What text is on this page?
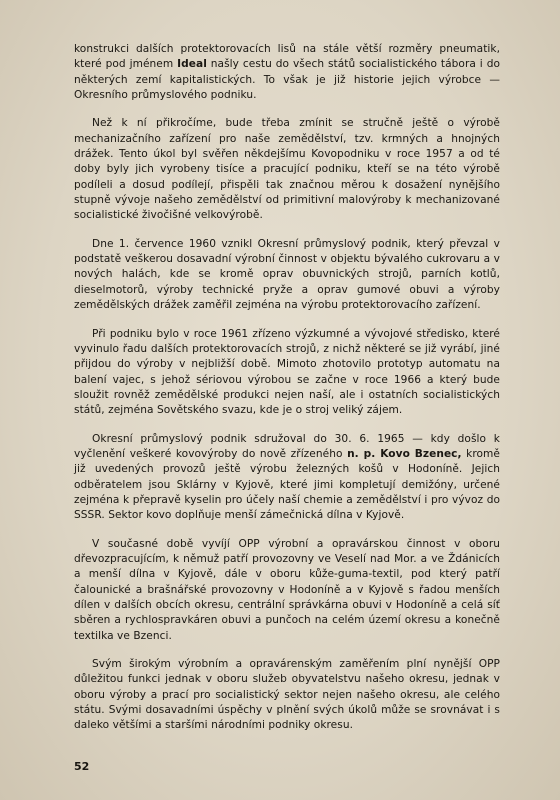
konstrukci dalších protektorovacích lisů na stále větší rozměry pneumatik, které pod jménem Ideal našly cestu do všech států socialistického tábora i do některých zemí kapitalistických. To však je již historie jejich výrobce — Okresního průmyslového podniku.

Než k ní přikročíme, bude třeba zmínit se stručně ještě o výrobě mechanizačního zařízení pro naše zemědělství, tzv. krmných a hnojných drážek. Tento úkol byl svěřen někdejšímu Kovopodniku v roce 1957 a od té doby byly jich vyrobeny tisíce a pracující podniku, kteří se na této výrobě podíleli a dosud podílejí, přispěli tak značnou měrou k dosažení nynějšího stupně vývoje našeho zemědělství od primitivní malovýroby k mechanizované socialistické živočišné velkovýrobě.

Dne 1. července 1960 vznikl Okresní průmyslový podnik, který převzal v podstatě veškerou dosavadní výrobní činnost v objektu bývalého cukrovaru a v nových halách, kde se kromě oprav obuvnických strojů, parních kotlů, dieselmotorů, výroby technické pryže a oprav gumové obuvi a výroby zemědělských drážek zaměřil zejména na výrobu protektorovacího zařízení.

Při podniku bylo v roce 1961 zřízeno výzkumné a vývojové středisko, které vyvinulo řadu dalších protektorovacích strojů, z nichž některé se již vyrábí, jiné přijdou do výroby v nejbližší době. Mimoto zhotovilo prototyp automatu na balení vajec, s jehož sériovou výrobou se začne v roce 1966 a který bude sloužit rovněž zemědělské produkci nejen naší, ale i ostatních socialistických států, zejména Sovětského svazu, kde je o stroj veliký zájem.

Okresní průmyslový podnik sdružoval do 30. 6. 1965 — kdy došlo k vyčlenění veškeré kovovýroby do nově zřízeného n. p. Kovo Bzenec, kromě již uvedených provozů ještě výrobu železných košů v Hodoníně. Jejich odběratelem jsou Sklárny v Kyjově, které jimi kompletují demižóny, určené zejména k přepravě kyselin pro účely naší chemie a zemědělství i pro vývoz do SSSR. Sektor kovo doplňuje menší zámečnická dílna v Kyjově.

V současné době vyvíjí OPP výrobní a opravárskou činnost v oboru dřevozpracujícím, k němuž patří provozovny ve Veselí nad Mor. a ve Ždánicích a menší dílna v Kyjově, dále v oboru kůže-guma-textil, pod který patří čalounické a brašnářské provozovny v Hodoníně a v Kyjově s řadou menších dílen v dalších obcích okresu, centrální správkárna obuvi v Hodoníně a celá síť sběren a rychlospravkáren obuvi a punčoch na celém území okresu a konečně textilka ve Bzenci.

Svým širokým výrobním a opravárenským zaměřením plní nynější OPP důležitou funkci jednak v oboru služeb obyvatelstvu našeho okresu, jednak v oboru výroby a prací pro socialistický sektor nejen našeho okresu, ale celého státu. Svými dosavadními úspěchy v plnění svých úkolů může se srovnávat i s daleko většími a staršími národními podniky okresu.

52
